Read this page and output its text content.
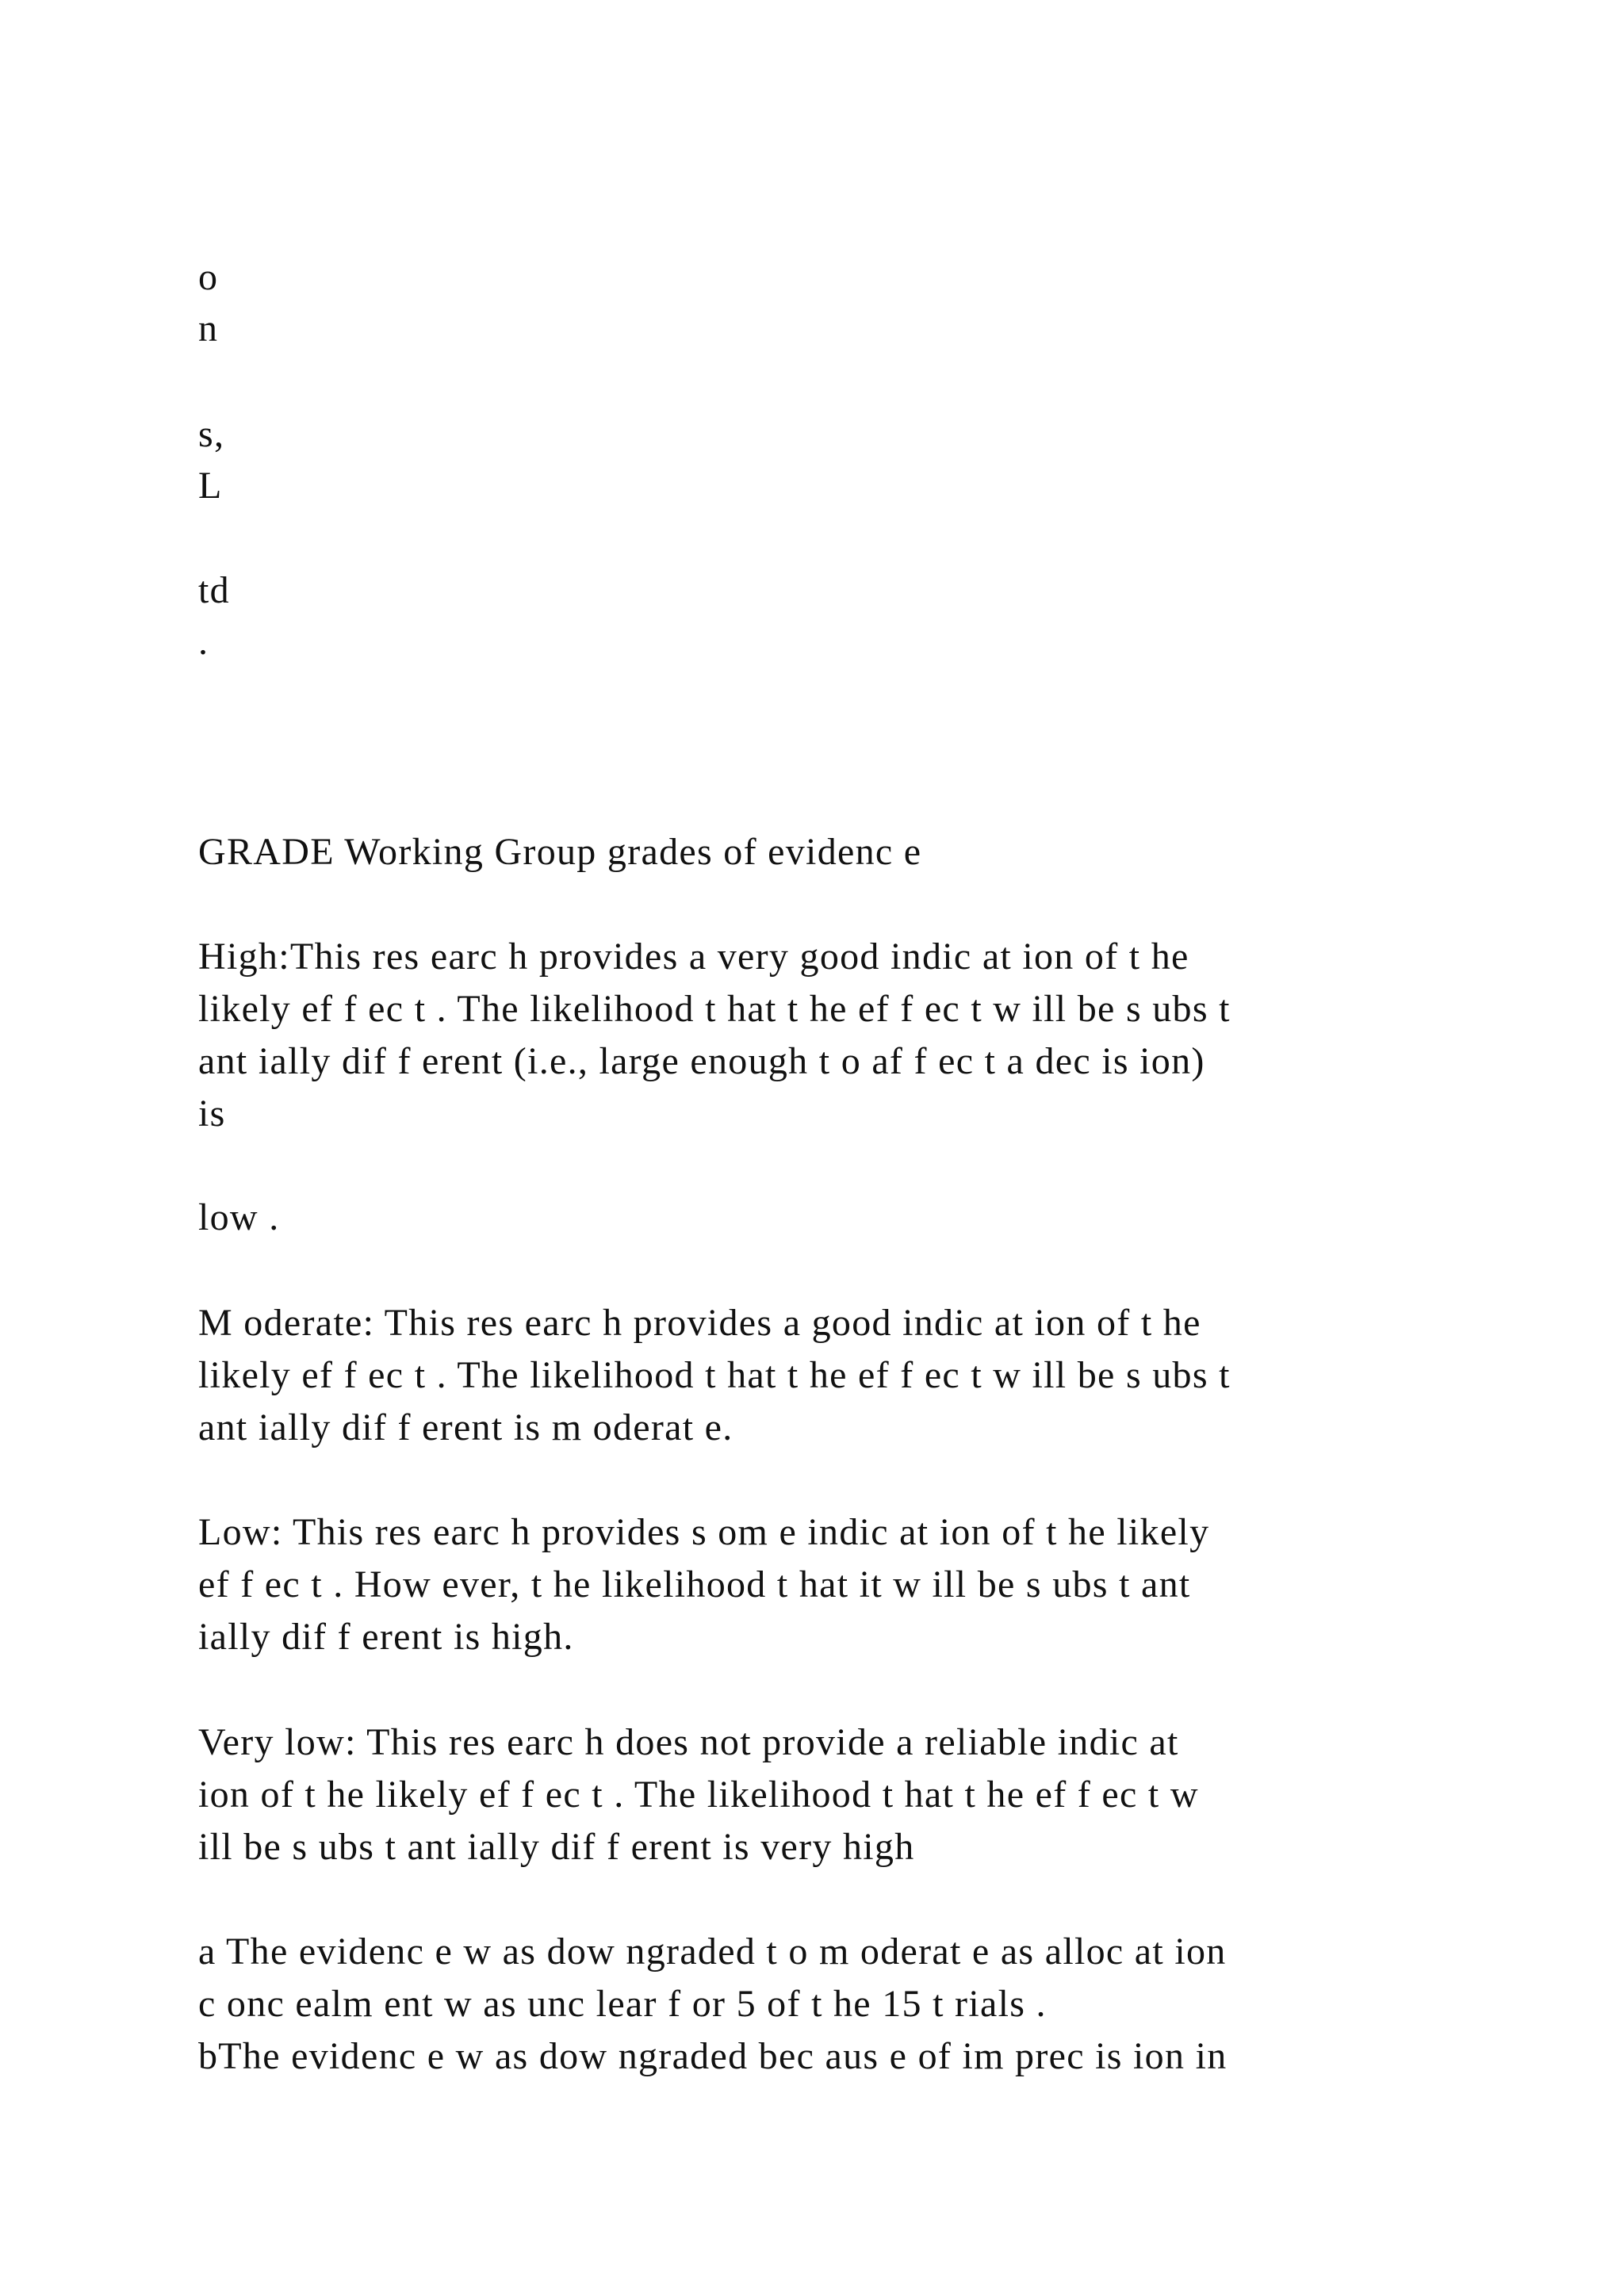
o
n
s,
L
td
.
GRADE Working Group grades of evidenc e
High:This res earc h provides a very good indic at ion of t he
likely ef f ec t . The likelihood t hat t he ef f ec t w ill be s ubs t
ant ially dif f erent (i.e., large enough t o af f ec t a dec is ion)
is
low .
M oderate: This res earc h provides a good indic at ion of t he
likely ef f ec t . The likelihood t hat t he ef f ec t w ill be s ubs t
ant ially dif f erent is m oderat e.
Low: This res earc h provides s om e indic at ion of t he likely
ef f ec t . How ever, t he likelihood t hat it w ill be s ubs t ant
ially dif f erent is high.
Very low: This res earc h does not provide a reliable indic at
ion of t he likely ef f ec t . The likelihood t hat t he ef f ec t w
ill be s ubs t ant ially dif f erent is very high
a The evidenc e w as dow ngraded t o m oderat e as alloc at ion
c onc ealm ent w as unc lear f or 5 of t he 15 t rials .
bThe evidenc e w as dow ngraded bec aus e of im prec is ion in
